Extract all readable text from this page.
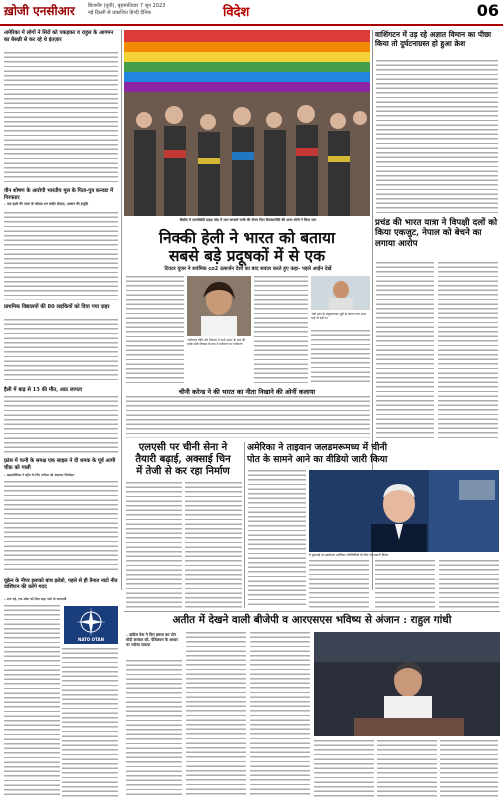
ख़ोजी एनसीआर	बिजनौर (यूपी), बृहस्पतिवार 7 जून 2023
नई दिल्ली से प्रकाशित हिन्दी दैनिक	विदेश	06
अमेरिका में लोगों ने सिरों को पकड़कर व राहुल के आगमन का बेसब्री से कर रहे थे इंतज़ार
यौन शोषण के आरोपी भारतीय मूल के पिता-पुत्र कनाडा में गिरफ्तार
– एक हफ़्ते की ताला के कोट्या धन कबीर सेठास, अक्टन की इजूसि
प्राथमिक विद्यालयों की 80 लड़कियों को दिया गया ज़हर
हैली में बाढ़ से 15 की मौत, आठ लापता
फ़्रांस में पत्नी के समक्ष एक साइल ने दी धमक के पूर्व आमी चीफ़ को गाली
– अफ़्रालेशियन ने स्ट्रीम के लिए शरीफा को अदायश जिम्मेदार
यूक्रेन के नीपर इलाको बांध हलेडो, पहले से ही तैनात नाटो नीत वाशिंग्टन की करेंगे मदद
– लगा नई, एक सोफ़ को दिया दाहा नाटो के अल्फाबी
NATO OTAN
बैंकॉक में एलजीबीटी प्राइड परेड में भाग करवाते परवी की जेन्टर पिटा प्रिमकाम्पेसि की अपन लोगों ने लिया भाग
निक्की हेली ने भारत को बताया
सबसे बड़े प्रदूषकों में से एक
टिवटर यूजर ने सवंमिक co2 उत्सर्जन देशों का बाद सवाल करते हुए कहा- पहले आईन देखें
'पर्यावरण नीति और विकास में भारी असर' के बाद की दर्शक ठोके विकास के बाद में पर्यावरण पर पर्यावरण
'मंत्रों द्वारा के संयुक्ताएकर मुद्दों के बनाया गया ऊपर चाहे वो वहाँ पर
चीनी करेन्ड ने की भारत का नीता निखाने की ओनीं कलाया
एलएसी पर चीनी सेना ने
तैयारी बढ़ाई, अक्साई चिन
में तेजी से कर रहा निर्माण
अमेरिका ने ताइवान जलडमरूमध्य में चीनी
पोत के सामने आने का वीडियो जारी किया
ये घुसपाई का इस्तेमाल अमेरिका गतिविधियों के लिए जो बयानी विदेश
वाशिंगटन में उड़ रहे अज्ञात विमान का पीछा किया तो दुर्घटनाग्रस्त हो हुआ क्रेश
प्रचंड की भारत यात्रा ने विपक्षी दलों को किया एकजुट, नेपाल को बेचने का लगाया आरोप
अतीत में देखने वाली बीजेपी व आरएसएस भविष्य से अंजान : राहुल गांधी
– कांग्रेस नेता ने फिर हमला कर दोन मोदी सरकार को, पेंशिलवन के आधार पर भरोसा जताया
